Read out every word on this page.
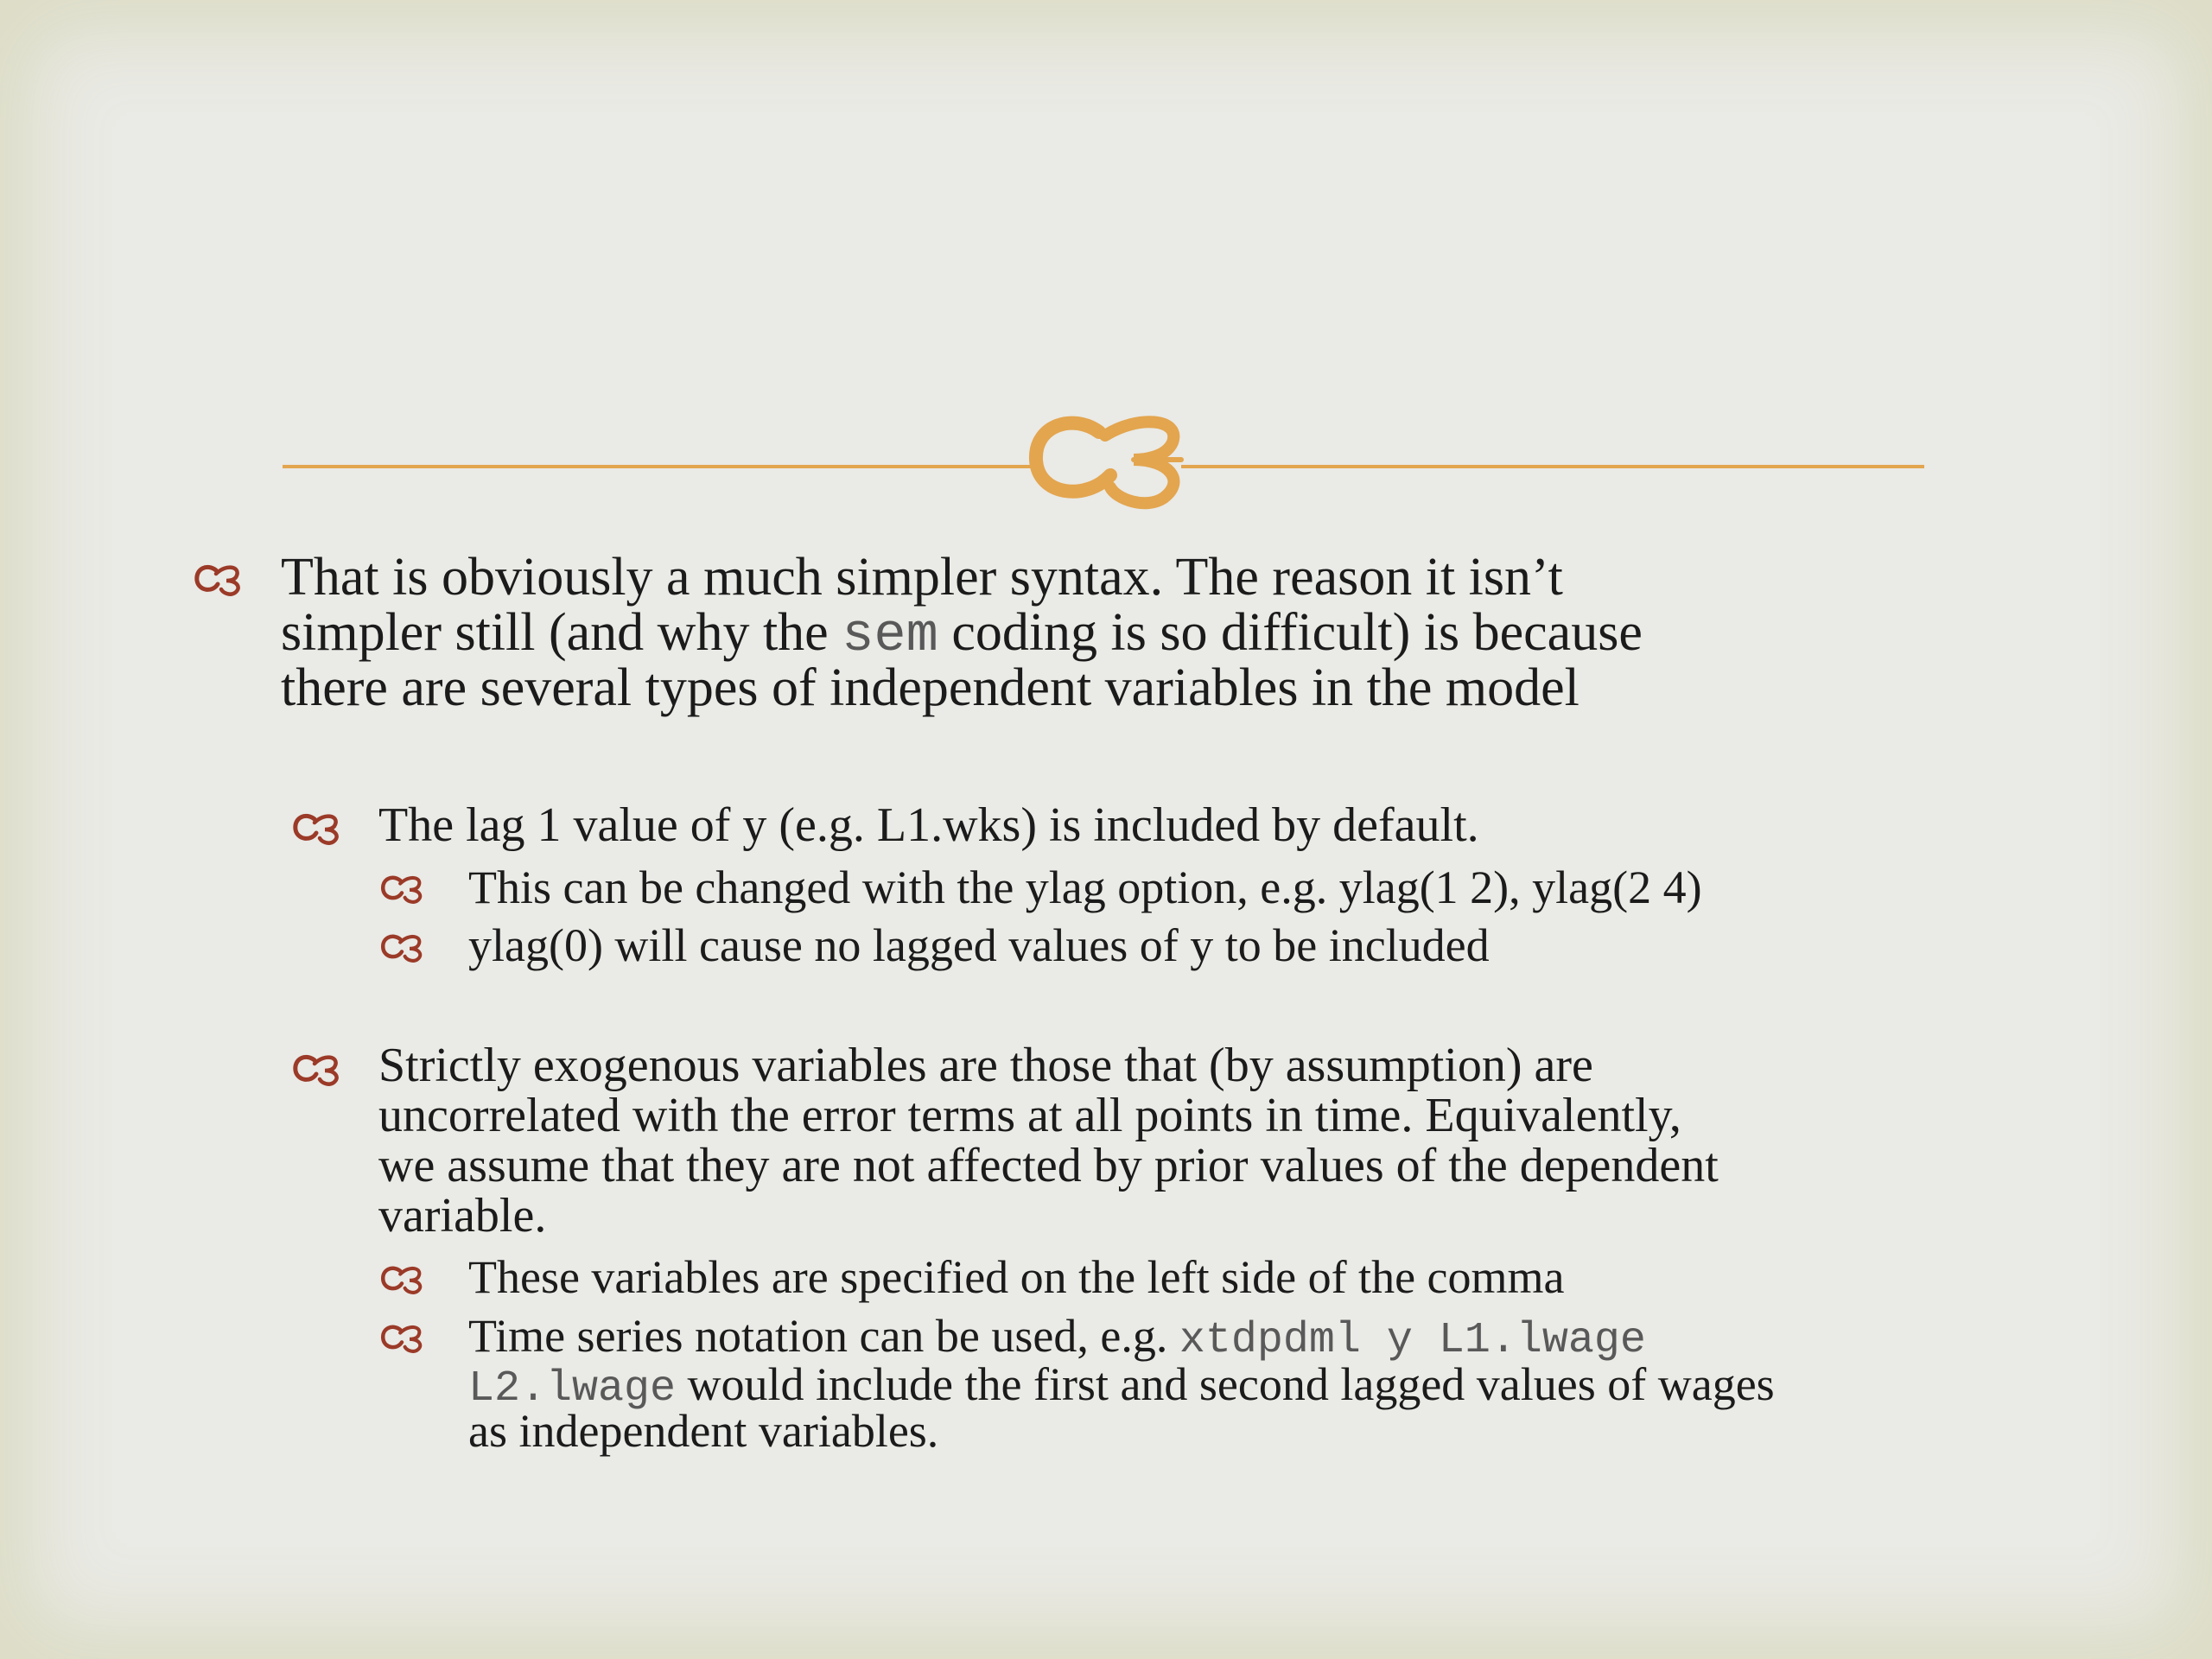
That is obviously a much simpler syntax. The reason it isn’t

simpler still (and why the sem coding is so difficult) is because

there are several types of independent variables in the model

The lag 1 value of y (e.g. L1.wks) is included by default.

This can be changed with the ylag option, e.g. ylag(1 2), ylag(2 4)

ylag(0) will cause no lagged values of y to be included

Strictly exogenous variables are those that (by assumption) are

uncorrelated with the error terms at all points in time. Equivalently,

we assume that they are not affected by prior values of the dependent

variable.

These variables are specified on the left side of the comma

Time series notation can be used, e.g. xtdpdml y L1.lwage

L2.lwage would include the first and second lagged values of wages

as independent variables.
